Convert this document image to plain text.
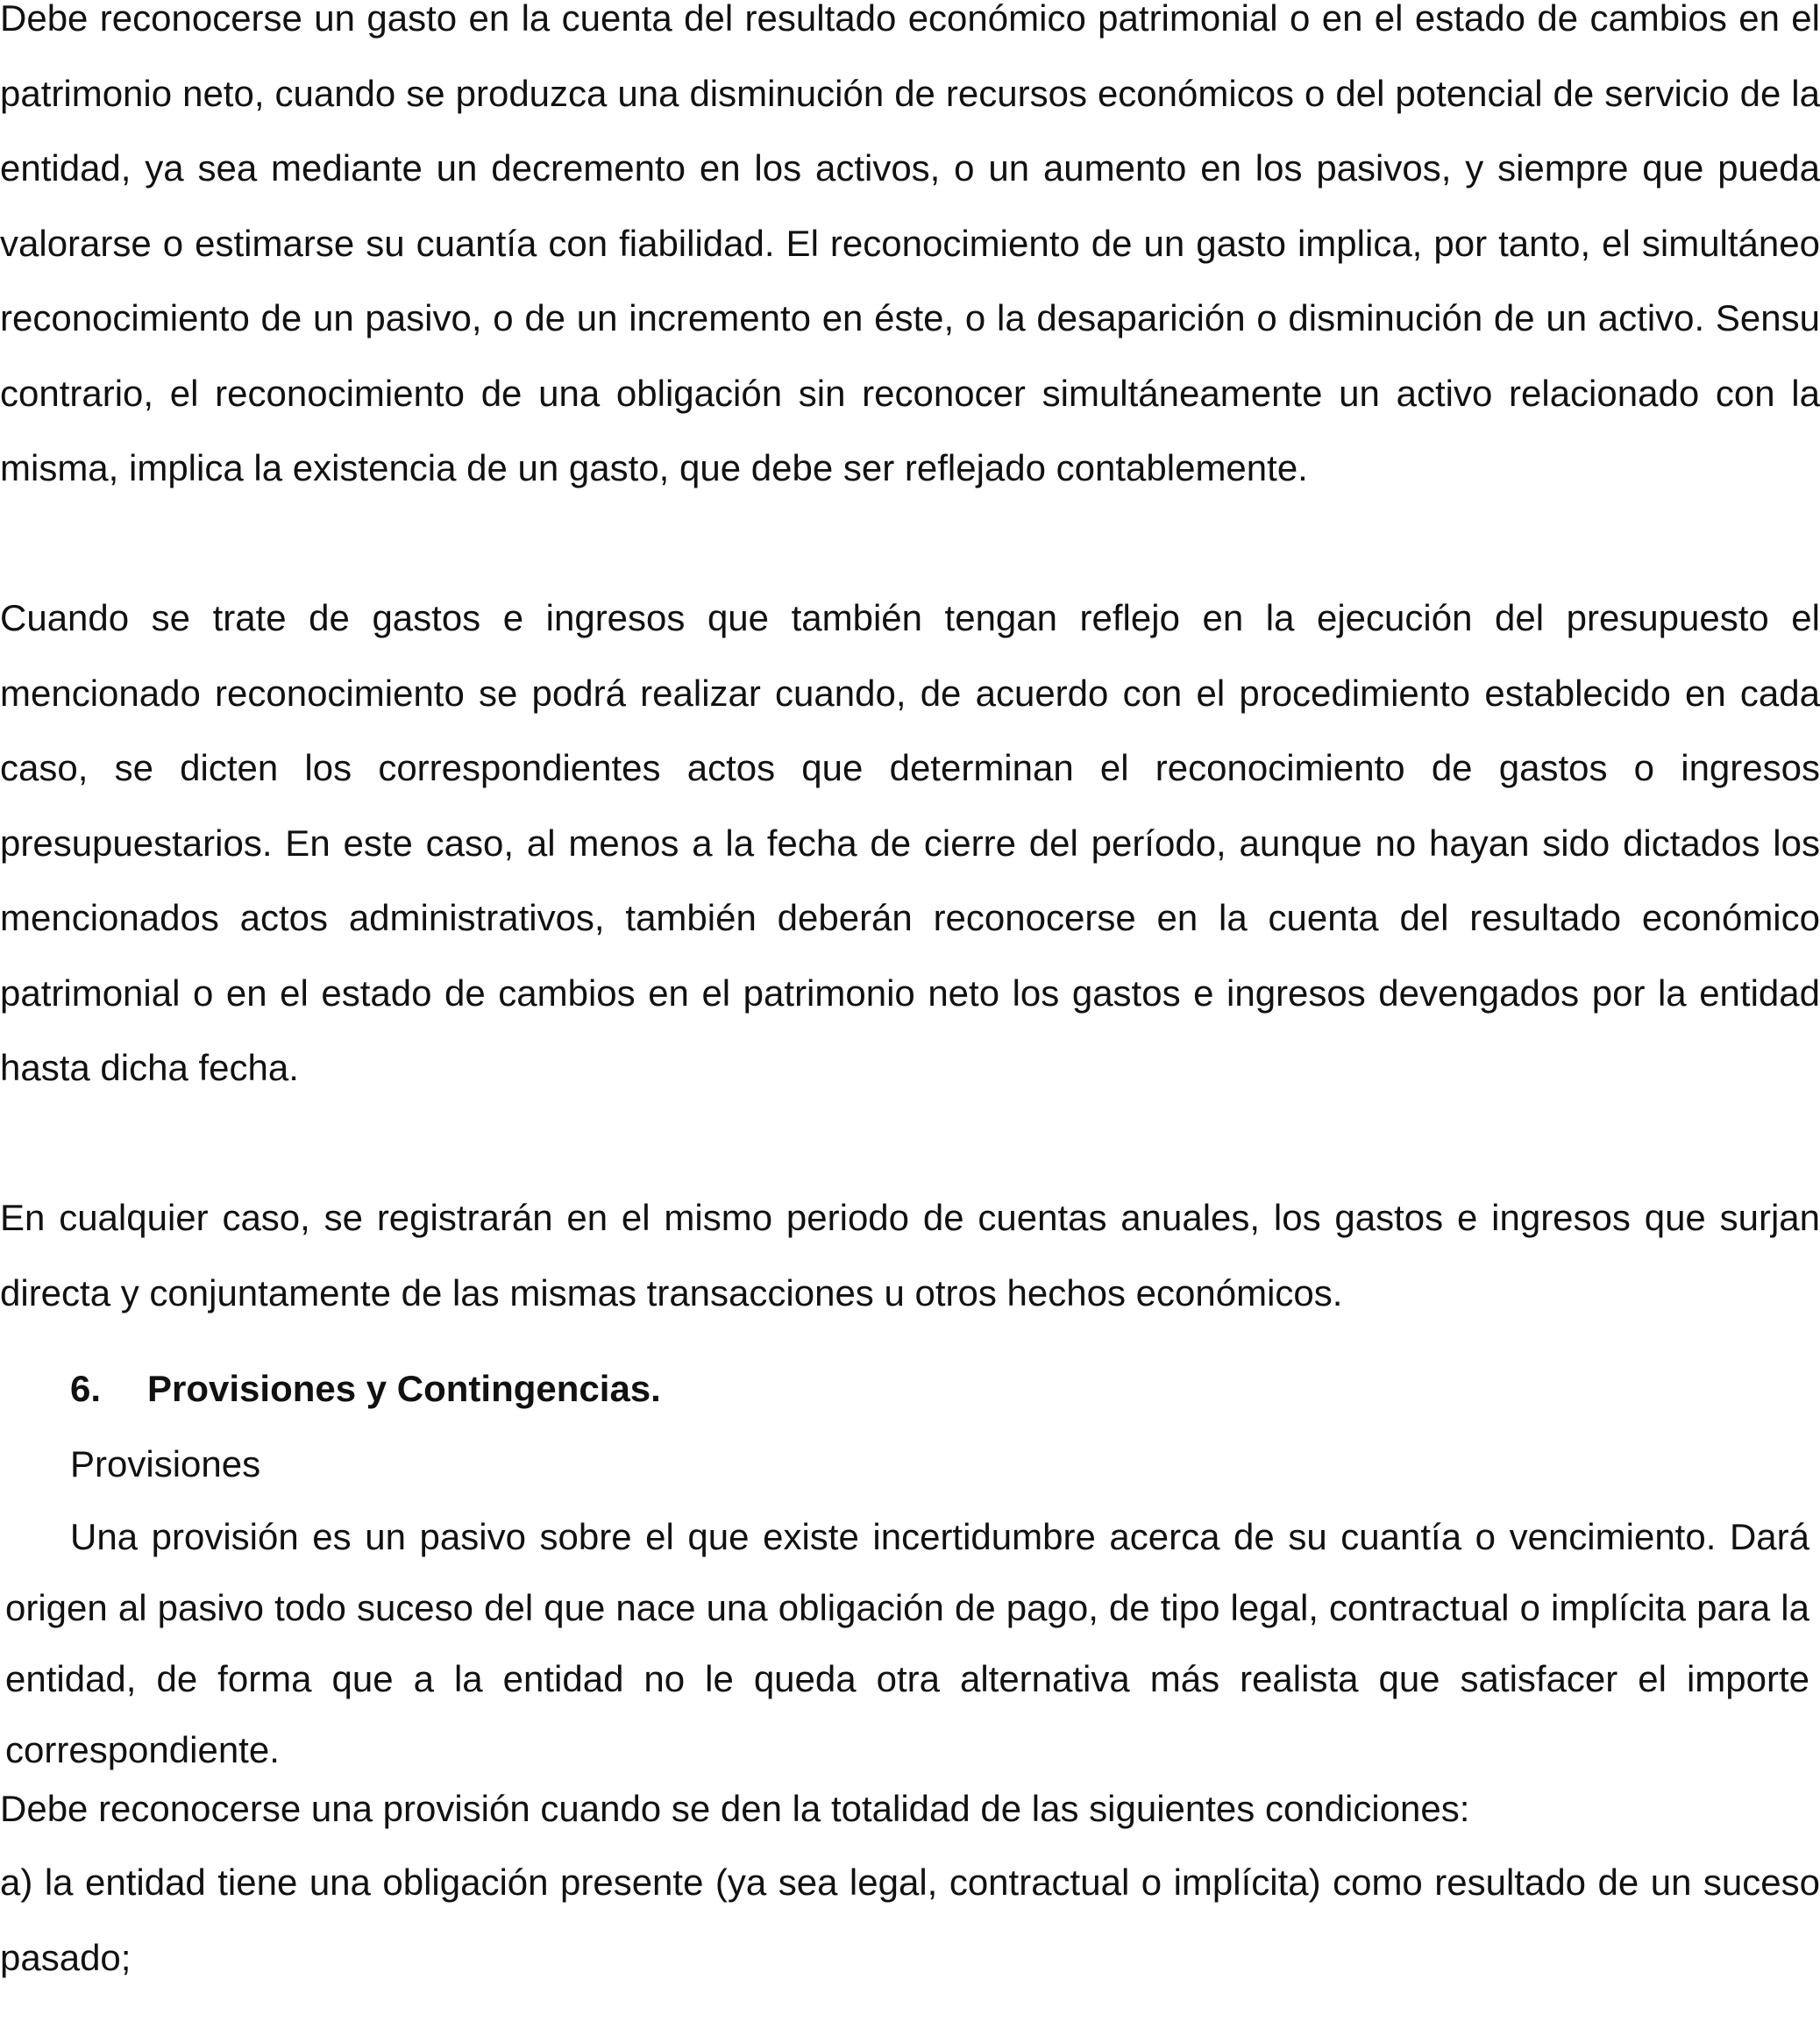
Debe reconocerse un gasto en la cuenta del resultado económico patrimonial o en el estado de cambios en el patrimonio neto, cuando se produzca una disminución de recursos económicos o del potencial de servicio de la entidad, ya sea mediante un decremento en los activos, o un aumento en los pasivos, y siempre que pueda valorarse o estimarse su cuantía con fiabilidad. El reconocimiento de un gasto implica, por tanto, el simultáneo reconocimiento de un pasivo, o de un incremento en éste, o la desaparición o disminución de un activo. Sensu contrario, el reconocimiento de una obligación sin reconocer simultáneamente un activo relacionado con la misma, implica la existencia de un gasto, que debe ser reflejado contablemente.

Cuando se trate de gastos e ingresos que también tengan reflejo en la ejecución del presupuesto el mencionado reconocimiento se podrá realizar cuando, de acuerdo con el procedimiento establecido en cada caso, se dicten los correspondientes actos que determinan el reconocimiento de gastos o ingresos presupuestarios. En este caso, al menos a la fecha de cierre del período, aunque no hayan sido dictados los mencionados actos administrativos, también deberán reconocerse en la cuenta del resultado económico patrimonial o en el estado de cambios en el patrimonio neto los gastos e ingresos devengados por la entidad hasta dicha fecha.

En cualquier caso, se registrarán en el mismo periodo de cuentas anuales, los gastos e ingresos que surjan directa y conjuntamente de las mismas transacciones u otros hechos económicos.

6. Provisiones y Contingencias.

Provisiones

Una provisión es un pasivo sobre el que existe incertidumbre acerca de su cuantía o vencimiento. Dará origen al pasivo todo suceso del que nace una obligación de pago, de tipo legal, contractual o implícita para la entidad, de forma que a la entidad no le queda otra alternativa más realista que satisfacer el importe correspondiente.

Debe reconocerse una provisión cuando se den la totalidad de las siguientes condiciones:

a) la entidad tiene una obligación presente (ya sea legal, contractual o implícita) como resultado de un suceso pasado;
